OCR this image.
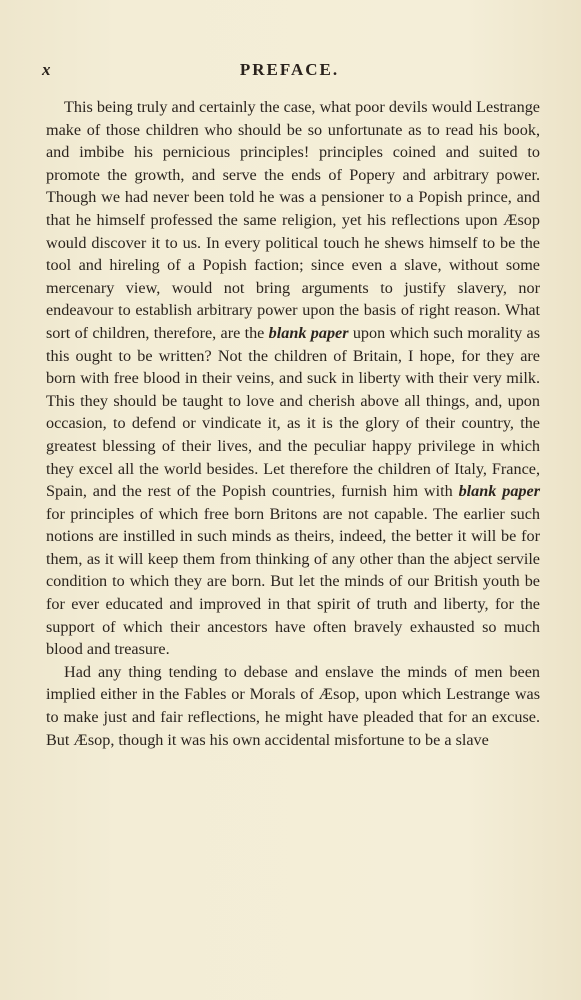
x	PREFACE.

This being truly and certainly the case, what poor devils would Lestrange make of those children who should be so unfortunate as to read his book, and imbibe his pernicious principles! principles coined and suited to promote the growth, and serve the ends of Popery and arbitrary power. Though we had never been told he was a pensioner to a Popish prince, and that he himself professed the same religion, yet his reflections upon Æsop would discover it to us. In every political touch he shews himself to be the tool and hireling of a Popish faction; since even a slave, without some mercenary view, would not bring arguments to justify slavery, nor endeavour to establish arbitrary power upon the basis of right reason. What sort of children, therefore, are the blank paper upon which such morality as this ought to be written? Not the children of Britain, I hope, for they are born with free blood in their veins, and suck in liberty with their very milk. This they should be taught to love and cherish above all things, and, upon occasion, to defend or vindicate it, as it is the glory of their country, the greatest blessing of their lives, and the peculiar happy privilege in which they excel all the world besides. Let therefore the children of Italy, France, Spain, and the rest of the Popish countries, furnish him with blank paper for principles of which free born Britons are not capable. The earlier such notions are instilled in such minds as theirs, indeed, the better it will be for them, as it will keep them from thinking of any other than the abject servile condition to which they are born. But let the minds of our British youth be for ever educated and improved in that spirit of truth and liberty, for the support of which their ancestors have often bravely exhausted so much blood and treasure.

Had any thing tending to debase and enslave the minds of men been implied either in the Fables or Morals of Æsop, upon which Lestrange was to make just and fair reflections, he might have pleaded that for an excuse. But Æsop, though it was his own accidental misfortune to be a slave
